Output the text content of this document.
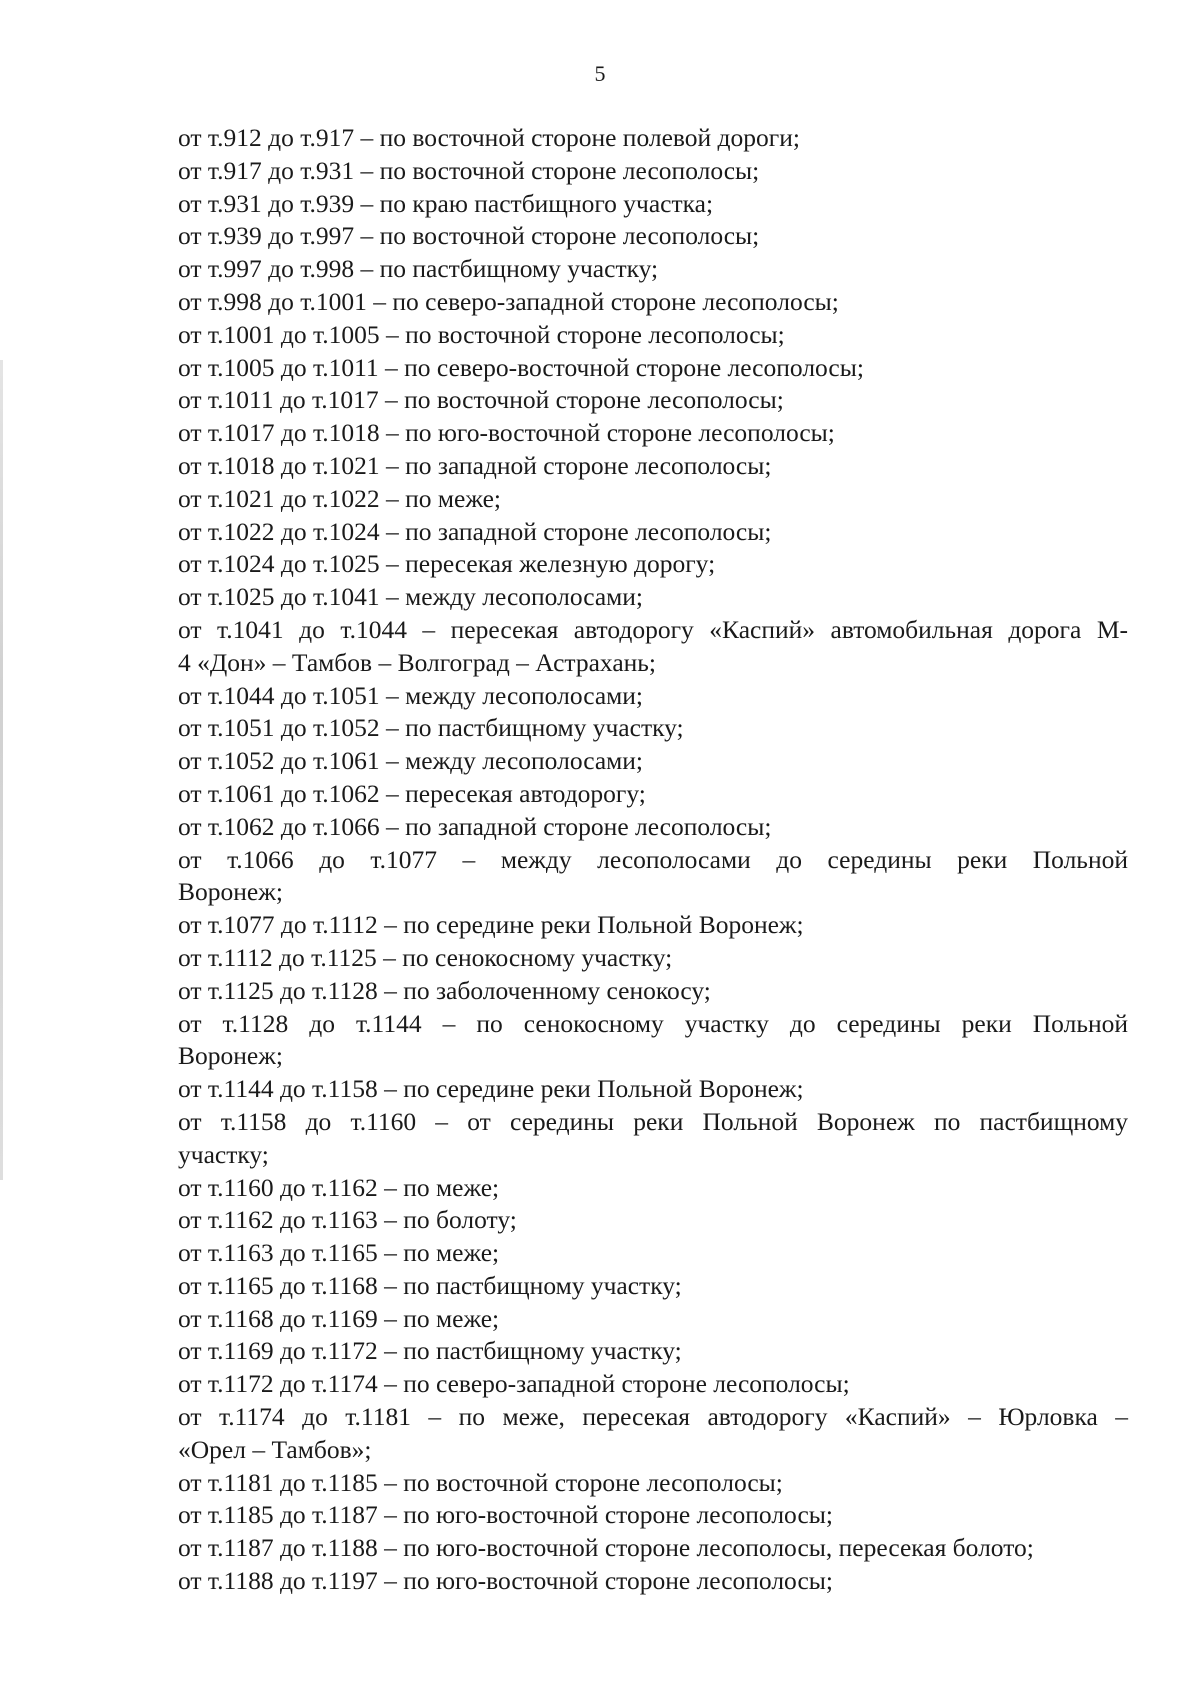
5

от т.912 до т.917 – по восточной стороне полевой дороги;

от т.917 до т.931 – по восточной стороне лесополосы;

от т.931 до т.939 – по краю пастбищного участка;

от т.939 до т.997 – по восточной стороне лесополосы;

от т.997 до т.998 – по пастбищному участку;

от т.998 до т.1001 – по северо-западной стороне лесополосы;

от т.1001 до т.1005 – по восточной стороне лесополосы;

от т.1005 до т.1011 – по северо-восточной стороне лесополосы;

от т.1011 до т.1017 – по восточной стороне лесополосы;

от т.1017 до т.1018 – по юго-восточной стороне лесополосы;

от т.1018 до т.1021 – по западной стороне лесополосы;

от т.1021 до т.1022 – по меже;

от т.1022 до т.1024 – по западной стороне лесополосы;

от т.1024 до т.1025 – пересекая железную дорогу;

от т.1025 до т.1041 – между лесополосами;

от т.1041 до т.1044 – пересекая автодорогу «Каспий» автомобильная дорога М-

4 «Дон» – Тамбов – Волгоград – Астрахань;

от т.1044 до т.1051 – между лесополосами;

от т.1051 до т.1052 – по пастбищному участку;

от т.1052 до т.1061 – между лесополосами;

от т.1061 до т.1062 – пересекая автодорогу;

от т.1062 до т.1066 – по западной стороне лесополосы;

от т.1066 до т.1077 – между лесополосами до середины реки Польной

Воронеж;

от т.1077 до т.1112 – по середине реки Польной Воронеж;

от т.1112 до т.1125 – по сенокосному участку;

от т.1125 до т.1128 – по заболоченному сенокосу;

от т.1128 до т.1144 – по сенокосному участку до середины реки Польной

Воронеж;

от т.1144 до т.1158 – по середине реки Польной Воронеж;

от т.1158 до т.1160 – от середины реки Польной Воронеж по пастбищному

участку;

от т.1160 до т.1162 – по меже;

от т.1162 до т.1163 – по болоту;

от т.1163 до т.1165 – по меже;

от т.1165 до т.1168 – по пастбищному участку;

от т.1168 до т.1169 – по меже;

от т.1169 до т.1172 – по пастбищному участку;

от т.1172 до т.1174 – по северо-западной стороне лесополосы;

от т.1174 до т.1181 – по меже, пересекая автодорогу «Каспий» – Юрловка –

«Орел – Тамбов»;

от т.1181 до т.1185 – по восточной стороне лесополосы;

от т.1185 до т.1187 – по юго-восточной стороне лесополосы;

от т.1187 до т.1188 – по юго-восточной стороне лесополосы, пересекая болото;

от т.1188 до т.1197 – по юго-восточной стороне лесополосы;
